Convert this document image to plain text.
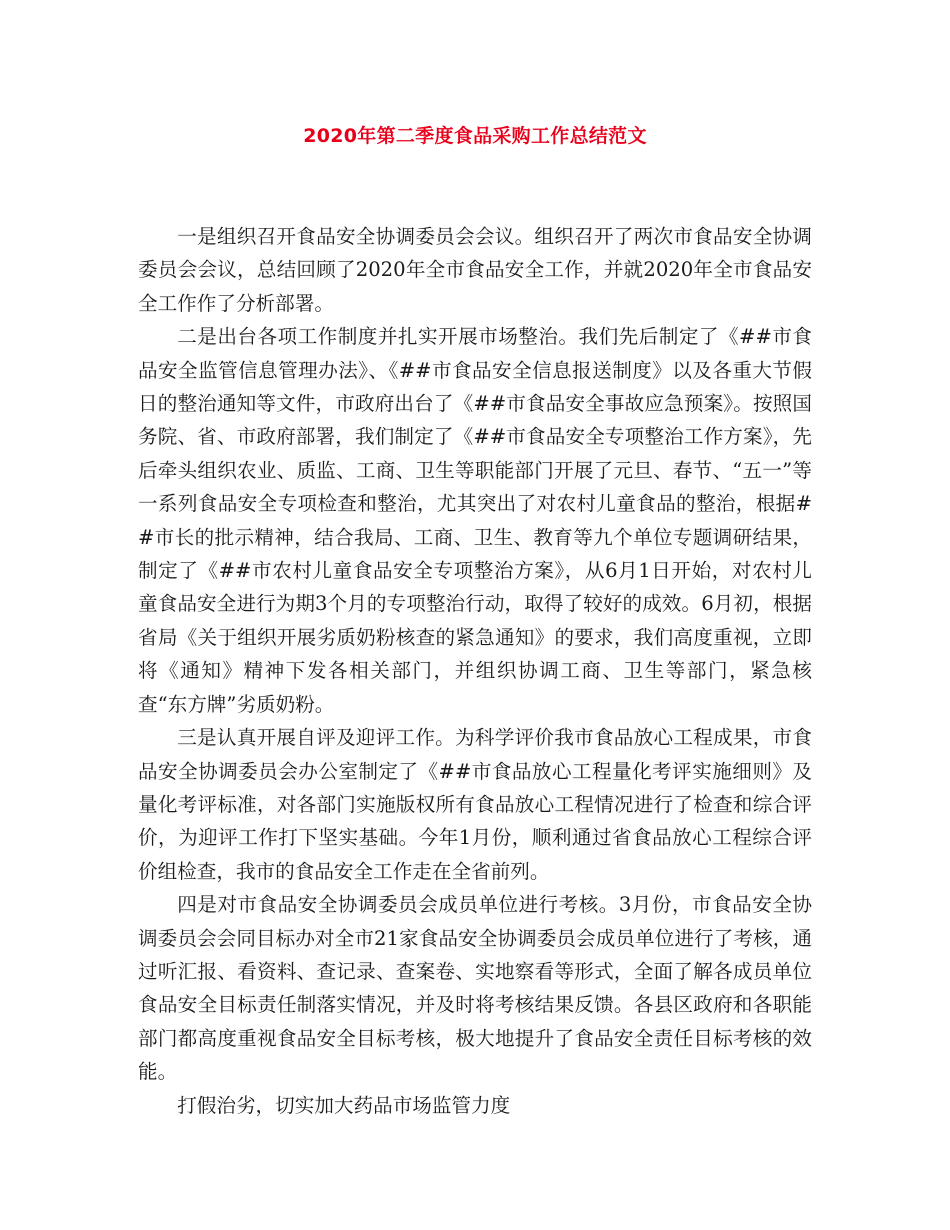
2020年第二季度食品采购工作总结范文

一是组织召开食品安全协调委员会会议。组织召开了两次市食品安全协调委员会会议，总结回顾了2020年全市食品安全工作，并就2020年全市食品安全工作作了分析部署。

二是出台各项工作制度并扎实开展市场整治。我们先后制定了《##市食品安全监管信息管理办法》、《##市食品安全信息报送制度》以及各重大节假日的整治通知等文件，市政府出台了《##市食品安全事故应急预案》。按照国务院、省、市政府部署，我们制定了《##市食品安全专项整治工作方案》，先后牵头组织农业、质监、工商、卫生等职能部门开展了元旦、春节、“五一”等一系列食品安全专项检查和整治，尤其突出了对农村儿童食品的整治，根据##市长的批示精神，结合我局、工商、卫生、教育等九个单位专题调研结果，制定了《##市农村儿童食品安全专项整治方案》，从6月1日开始，对农村儿童食品安全进行为期3个月的专项整治行动，取得了较好的成效。6月初，根据省局《关于组织开展劣质奶粉核查的紧急通知》的要求，我们高度重视，立即将《通知》精神下发各相关部门，并组织协调工商、卫生等部门，紧急核查“东方牌”劣质奶粉。

三是认真开展自评及迎评工作。为科学评价我市食品放心工程成果，市食品安全协调委员会办公室制定了《##市食品放心工程量化考评实施细则》及量化考评标准，对各部门实施版权所有食品放心工程情况进行了检查和综合评价，为迎评工作打下坚实基础。今年1月份，顺利通过省食品放心工程综合评价组检查，我市的食品安全工作走在全省前列。

四是对市食品安全协调委员会成员单位进行考核。3月份，市食品安全协调委员会会同目标办对全市21家食品安全协调委员会成员单位进行了考核，通过听汇报、看资料、查记录、查案卷、实地察看等形式，全面了解各成员单位食品安全目标责任制落实情况，并及时将考核结果反馈。各县区政府和各职能部门都高度重视食品安全目标考核，极大地提升了食品安全责任目标考核的效能。

打假治劣，切实加大药品市场监管力度
